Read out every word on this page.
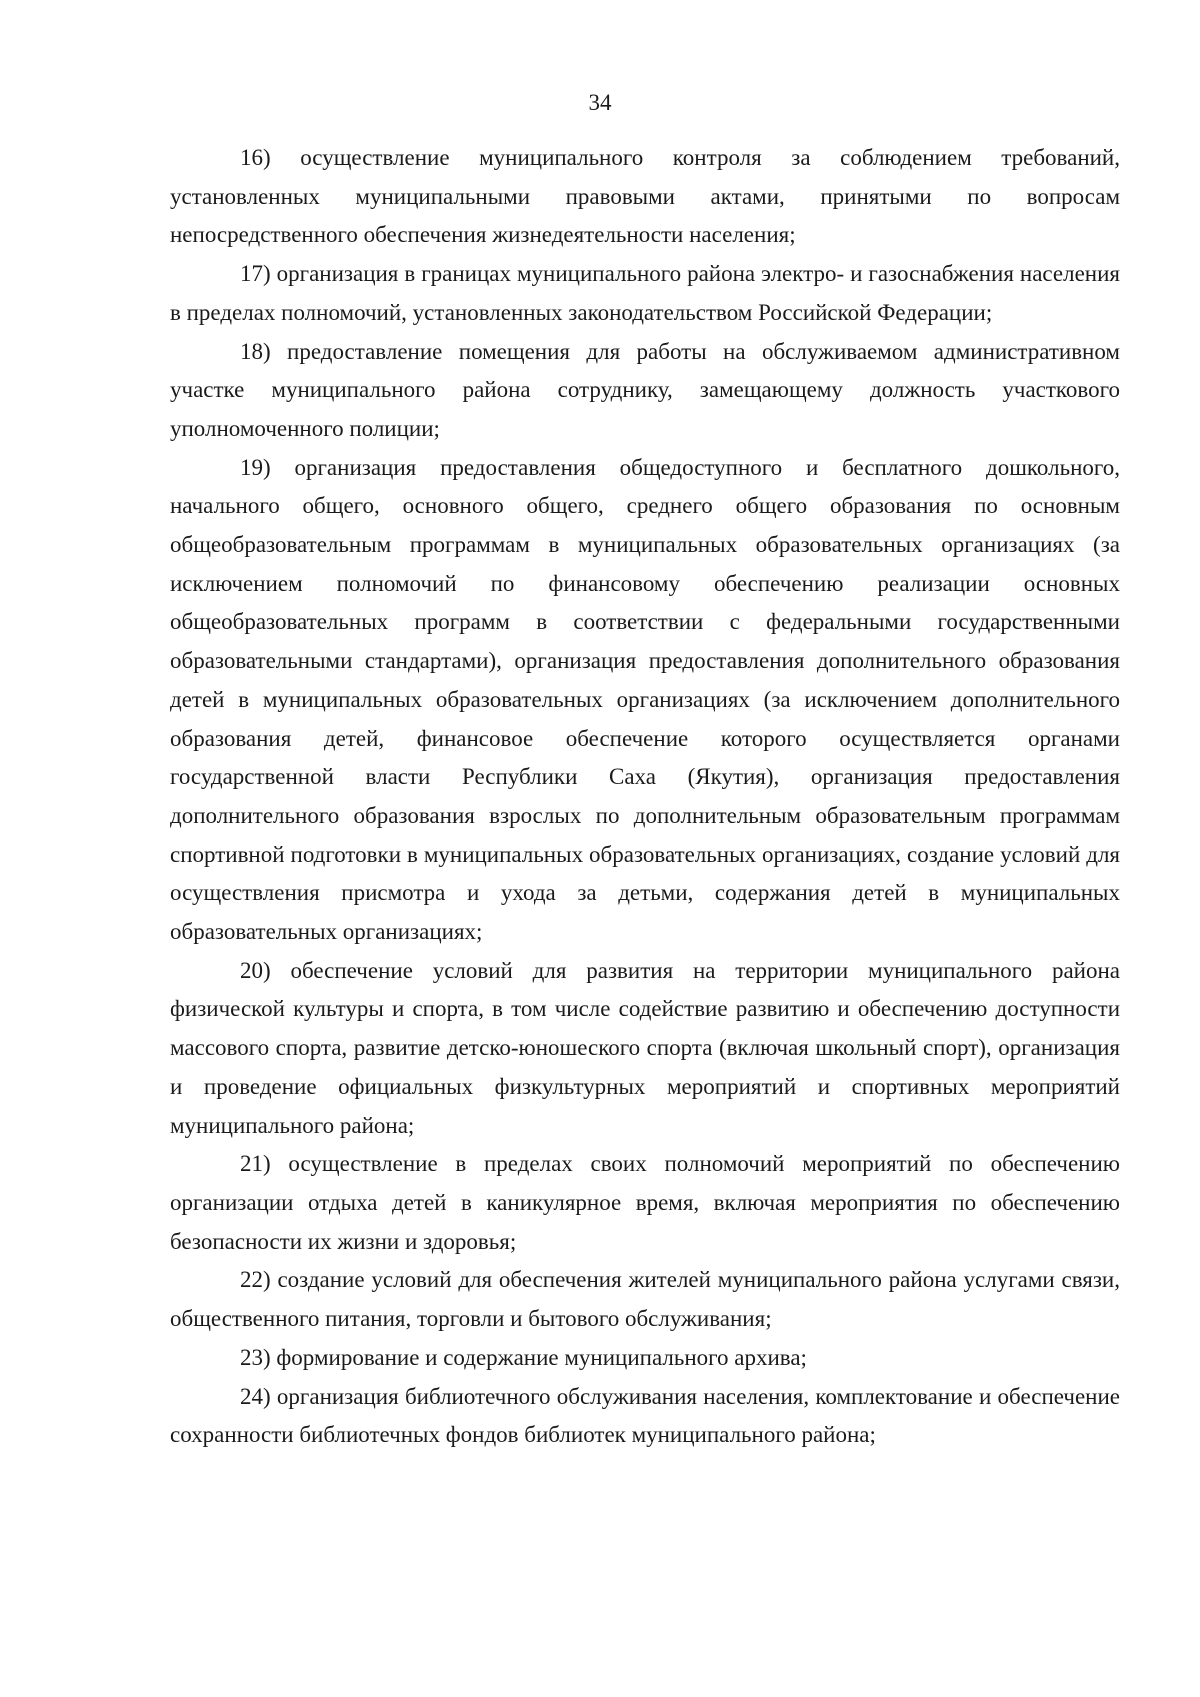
34

16) осуществление муниципального контроля за соблюдением требований, установленных муниципальными правовыми актами, принятыми по вопросам непосредственного обеспечения жизнедеятельности населения;

17) организация в границах муниципального района электро- и газоснабжения населения в пределах полномочий, установленных законодательством Российской Федерации;

18) предоставление помещения для работы на обслуживаемом административном участке муниципального района сотруднику, замещающему должность участкового уполномоченного полиции;

19) организация предоставления общедоступного и бесплатного дошкольного, начального общего, основного общего, среднего общего образования по основным общеобразовательным программам в муниципальных образовательных организациях (за исключением полномочий по финансовому обеспечению реализации основных общеобразовательных программ в соответствии с федеральными государственными образовательными стандартами), организация предоставления дополнительного образования детей в муниципальных образовательных организациях (за исключением дополнительного образования детей, финансовое обеспечение которого осуществляется органами государственной власти Республики Саха (Якутия), организация предоставления дополнительного образования взрослых по дополнительным образовательным программам спортивной подготовки в муниципальных образовательных организациях, создание условий для осуществления присмотра и ухода за детьми, содержания детей в муниципальных образовательных организациях;

20) обеспечение условий для развития на территории муниципального района физической культуры и спорта, в том числе содействие развитию и обеспечению доступности массового спорта, развитие детско-юношеского спорта (включая школьный спорт), организация и проведение официальных физкультурных мероприятий и спортивных мероприятий муниципального района;

21) осуществление в пределах своих полномочий мероприятий по обеспечению организации отдыха детей в каникулярное время, включая мероприятия по обеспечению безопасности их жизни и здоровья;

22) создание условий для обеспечения жителей муниципального района услугами связи, общественного питания, торговли и бытового обслуживания;

23) формирование и содержание муниципального архива;

24) организация библиотечного обслуживания населения, комплектование и обеспечение сохранности библиотечных фондов библиотек муниципального района;
